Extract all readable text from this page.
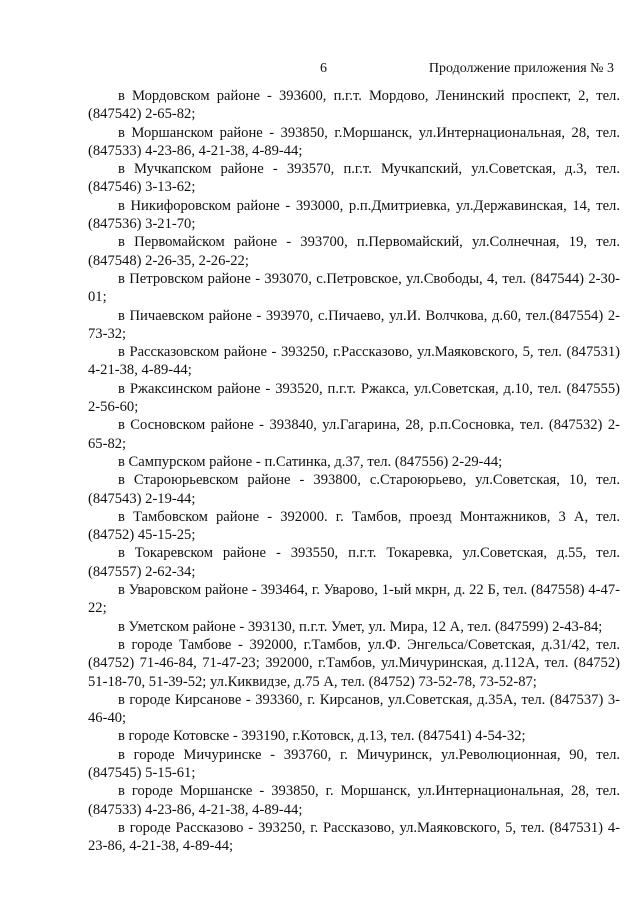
6	Продолжение приложения № 3

в Мордовском районе - 393600, п.г.т. Мордово, Ленинский проспект, 2, тел. (847542) 2-65-82;

в Моршанском районе - 393850, г.Моршанск, ул.Интернациональная, 28, тел. (847533) 4-23-86, 4-21-38, 4-89-44;

в Мучкапском районе - 393570, п.г.т. Мучкапский, ул.Советская, д.3, тел. (847546) 3-13-62;

в Никифоровском районе - 393000, р.п.Дмитриевка, ул.Державинская, 14, тел. (847536) 3-21-70;

в Первомайском районе - 393700, п.Первомайский, ул.Солнечная, 19, тел. (847548) 2-26-35, 2-26-22;

в Петровском районе - 393070, с.Петровское, ул.Свободы, 4, тел. (847544) 2-30-01;

в Пичаевском районе - 393970, с.Пичаево, ул.И. Волчкова, д.60, тел.(847554) 2-73-32;

в Рассказовском районе - 393250, г.Рассказово, ул.Маяковского, 5, тел. (847531) 4-21-38, 4-89-44;

в Ржаксинском районе - 393520, п.г.т. Ржакса, ул.Советская, д.10, тел. (847555) 2-56-60;

в Сосновском районе - 393840, ул.Гагарина, 28, р.п.Сосновка, тел. (847532) 2-65-82;

в Сампурском районе - п.Сатинка, д.37, тел. (847556) 2-29-44;

в Староюрьевском районе - 393800, с.Староюрьево, ул.Советская, 10, тел. (847543) 2-19-44;

в Тамбовском районе - 392000. г. Тамбов, проезд Монтажников, 3 А, тел. (84752) 45-15-25;

в Токаревском районе - 393550, п.г.т. Токаревка, ул.Советская, д.55, тел. (847557) 2-62-34;

в Уваровском районе - 393464, г. Уварово, 1-ый мкрн, д. 22 Б, тел. (847558) 4-47-22;

в Уметском районе - 393130, п.г.т. Умет, ул. Мира, 12 А, тел. (847599) 2-43-84;

в городе Тамбове - 392000, г.Тамбов, ул.Ф. Энгельса/Советская, д.31/42, тел.(84752) 71-46-84, 71-47-23; 392000, г.Тамбов, ул.Мичуринская, д.112А, тел. (84752) 51-18-70, 51-39-52; ул.Киквидзе, д.75 А, тел. (84752) 73-52-78, 73-52-87;

в городе Кирсанове - 393360, г. Кирсанов, ул.Советская, д.35А, тел. (847537) 3-46-40;

в городе Котовске - 393190, г.Котовск, д.13, тел. (847541) 4-54-32;

в городе Мичуринске - 393760, г. Мичуринск, ул.Революционная, 90, тел. (847545) 5-15-61;

в городе Моршанске - 393850, г. Моршанск, ул.Интернациональная, 28, тел. (847533) 4-23-86, 4-21-38, 4-89-44;

в городе Рассказово - 393250, г. Рассказово, ул.Маяковского, 5, тел. (847531) 4-23-86, 4-21-38, 4-89-44;
